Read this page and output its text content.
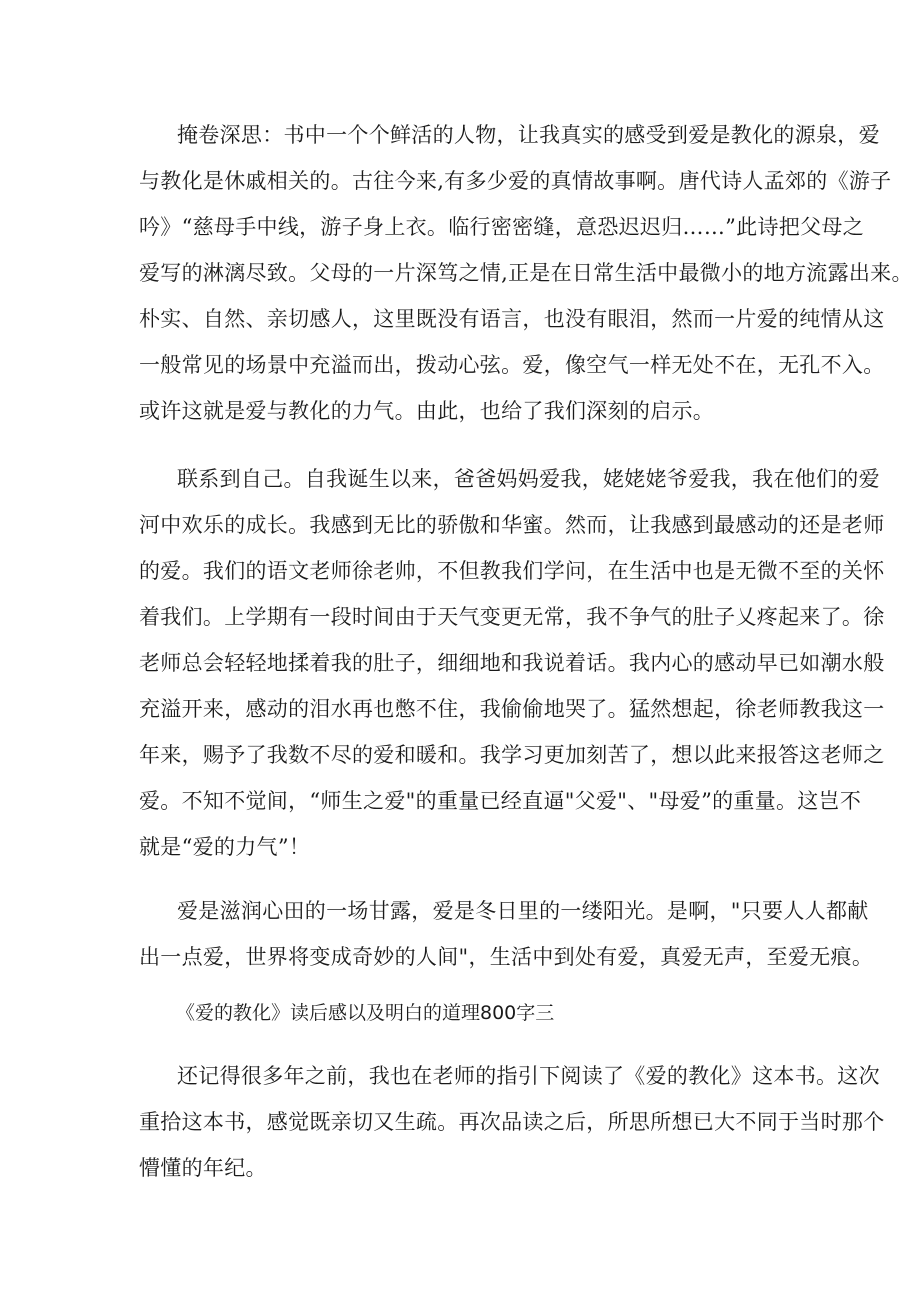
掩卷深思：书中一个个鲜活的人物，让我真实的感受到爱是教化的源泉，爱
与教化是休戚相关的。古往今来,有多少爱的真情故事啊。唐代诗人孟郊的《游子
吟》“慈母手中线，游子身上衣。临行密密缝，意恐迟迟归……”此诗把父母之
爱写的淋漓尽致。父母的一片深笃之情,正是在日常生活中最微小的地方流露出来。
朴实、自然、亲切感人，这里既没有语言，也没有眼泪，然而一片爱的纯情从这
一般常见的场景中充溢而出，拨动心弦。爱，像空气一样无处不在，无孔不入。
或许这就是爱与教化的力气。由此，也给了我们深刻的启示。
联系到自己。自我诞生以来，爸爸妈妈爱我，姥姥姥爷爱我，我在他们的爱
河中欢乐的成长。我感到无比的骄傲和华蜜。然而，让我感到最感动的还是老师
的爱。我们的语文老师徐老帅，不但教我们学问，在生活中也是无微不至的关怀
着我们。上学期有一段时间由于天气变更无常，我不争气的肚子乂疼起来了。徐
老师总会轻轻地揉着我的肚子，细细地和我说着话。我内心的感动早已如潮水般
充溢开来，感动的泪水再也憋不住，我偷偷地哭了。猛然想起，徐老师教我这一
年来，赐予了我数不尽的爱和暖和。我学习更加刻苦了，想以此来报答这老师之
爱。不知不觉间，“师生之爱"的重量已经直逼"父爱"、"母爱”的重量。这岂不
就是“爱的力气”！
爱是滋润心田的一场甘露，爱是冬日里的一缕阳光。是啊，"只要人人都献
出一点爱，世界将变成奇妙的人间"，生活中到处有爱，真爱无声，至爱无痕。
《爱的教化》读后感以及明白的道理800字三
还记得很多年之前，我也在老师的指引下阅读了《爱的教化》这本书。这次
重拾这本书，感觉既亲切又生疏。再次品读之后，所思所想已大不同于当时那个
懵懂的年纪。
